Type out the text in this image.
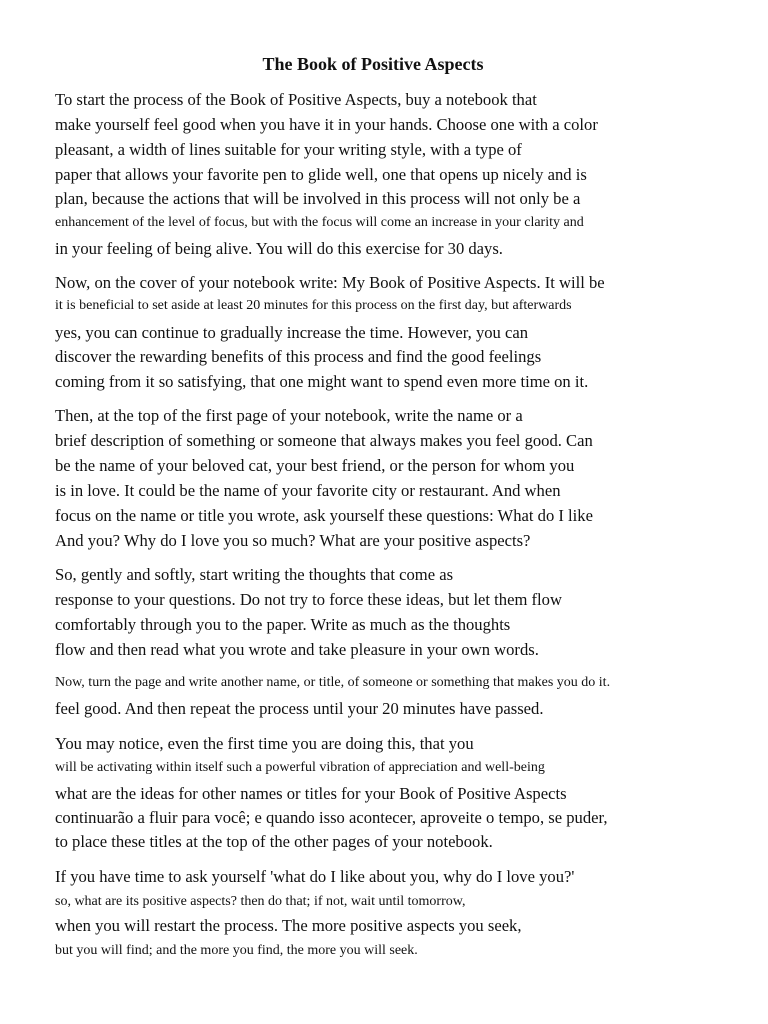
The Book of Positive Aspects
To start the process of the Book of Positive Aspects, buy a notebook that
make yourself feel good when you have it in your hands. Choose one with a color
pleasant, a width of lines suitable for your writing style, with a type of
paper that allows your favorite pen to glide well, one that opens up nicely and is
plan, because the actions that will be involved in this process will not only be a
enhancement of the level of focus, but with the focus will come an increase in your clarity and
in your feeling of being alive. You will do this exercise for 30 days.
Now, on the cover of your notebook write: My Book of Positive Aspects. It will be
it is beneficial to set aside at least 20 minutes for this process on the first day, but afterwards
yes, you can continue to gradually increase the time. However, you can
discover the rewarding benefits of this process and find the good feelings
coming from it so satisfying, that one might want to spend even more time on it.
Then, at the top of the first page of your notebook, write the name or a
brief description of something or someone that always makes you feel good. Can
be the name of your beloved cat, your best friend, or the person for whom you
is in love. It could be the name of your favorite city or restaurant. And when
focus on the name or title you wrote, ask yourself these questions: What do I like
And you? Why do I love you so much? What are your positive aspects?
So, gently and softly, start writing the thoughts that come as
response to your questions. Do not try to force these ideas, but let them flow
comfortably through you to the paper. Write as much as the thoughts
flow and then read what you wrote and take pleasure in your own words.
Now, turn the page and write another name, or title, of someone or something that makes you do it.
feel good. And then repeat the process until your 20 minutes have passed.
You may notice, even the first time you are doing this, that you
will be activating within itself such a powerful vibration of appreciation and well-being
what are the ideas for other names or titles for your Book of Positive Aspects
continuarão a fluir para você; e quando isso acontecer, aproveite o tempo, se puder,
to place these titles at the top of the other pages of your notebook.
If you have time to ask yourself 'what do I like about you, why do I love you?'
so, what are its positive aspects? then do that; if not, wait until tomorrow,
when you will restart the process. The more positive aspects you seek,
but you will find; and the more you find, the more you will seek.
